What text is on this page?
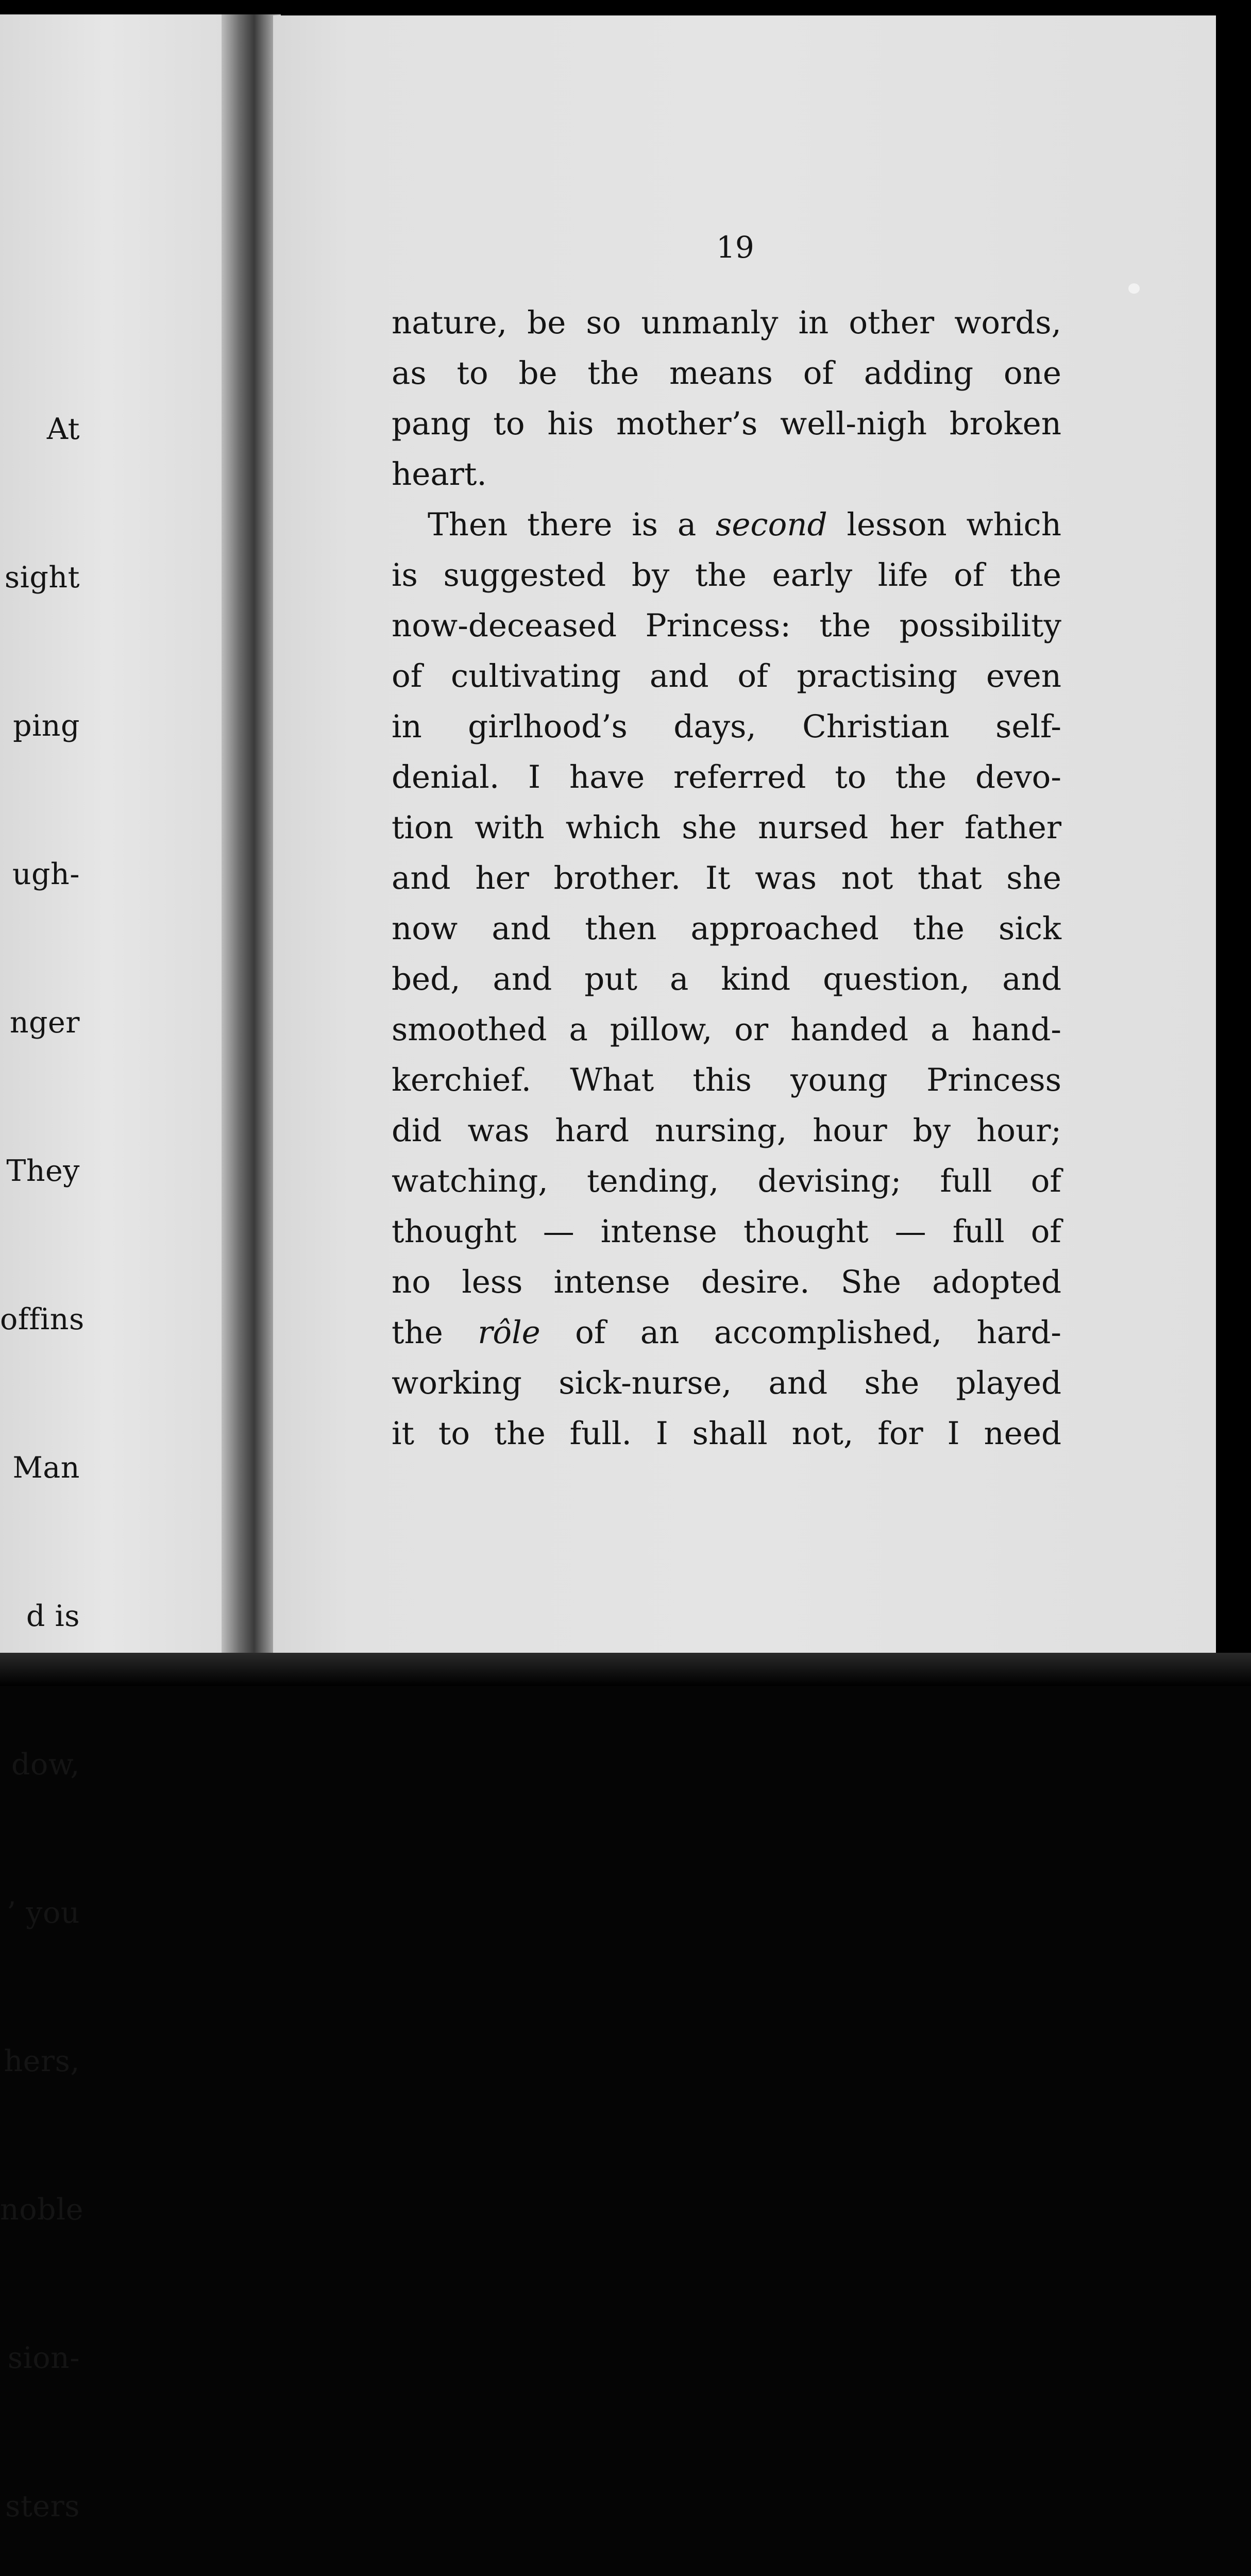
At

sight

ping

ugh-

nger

They

offins

Man

d is

dow,

’ you

hers,

noble

sion-

sters

19
nature, be so unmanly in other words,
as to be the means of adding one
pang to his mother’s well-nigh broken
heart.
Then there is a second lesson which
is suggested by the early life of the
now-deceased Princess: the possibility
of cultivating and of practising even
in girlhood’s days, Christian self-
denial. I have referred to the devo-
tion with which she nursed her father
and her brother. It was not that she
now and then approached the sick
bed, and put a kind question, and
smoothed a pillow, or handed a hand-
kerchief. What this young Princess
did was hard nursing, hour by hour;
watching, tending, devising; full of
thought — intense thought — full of
no less intense desire. She adopted
the rôle of an accomplished, hard-
working sick-nurse, and she played
it to the full. I shall not, for I need
